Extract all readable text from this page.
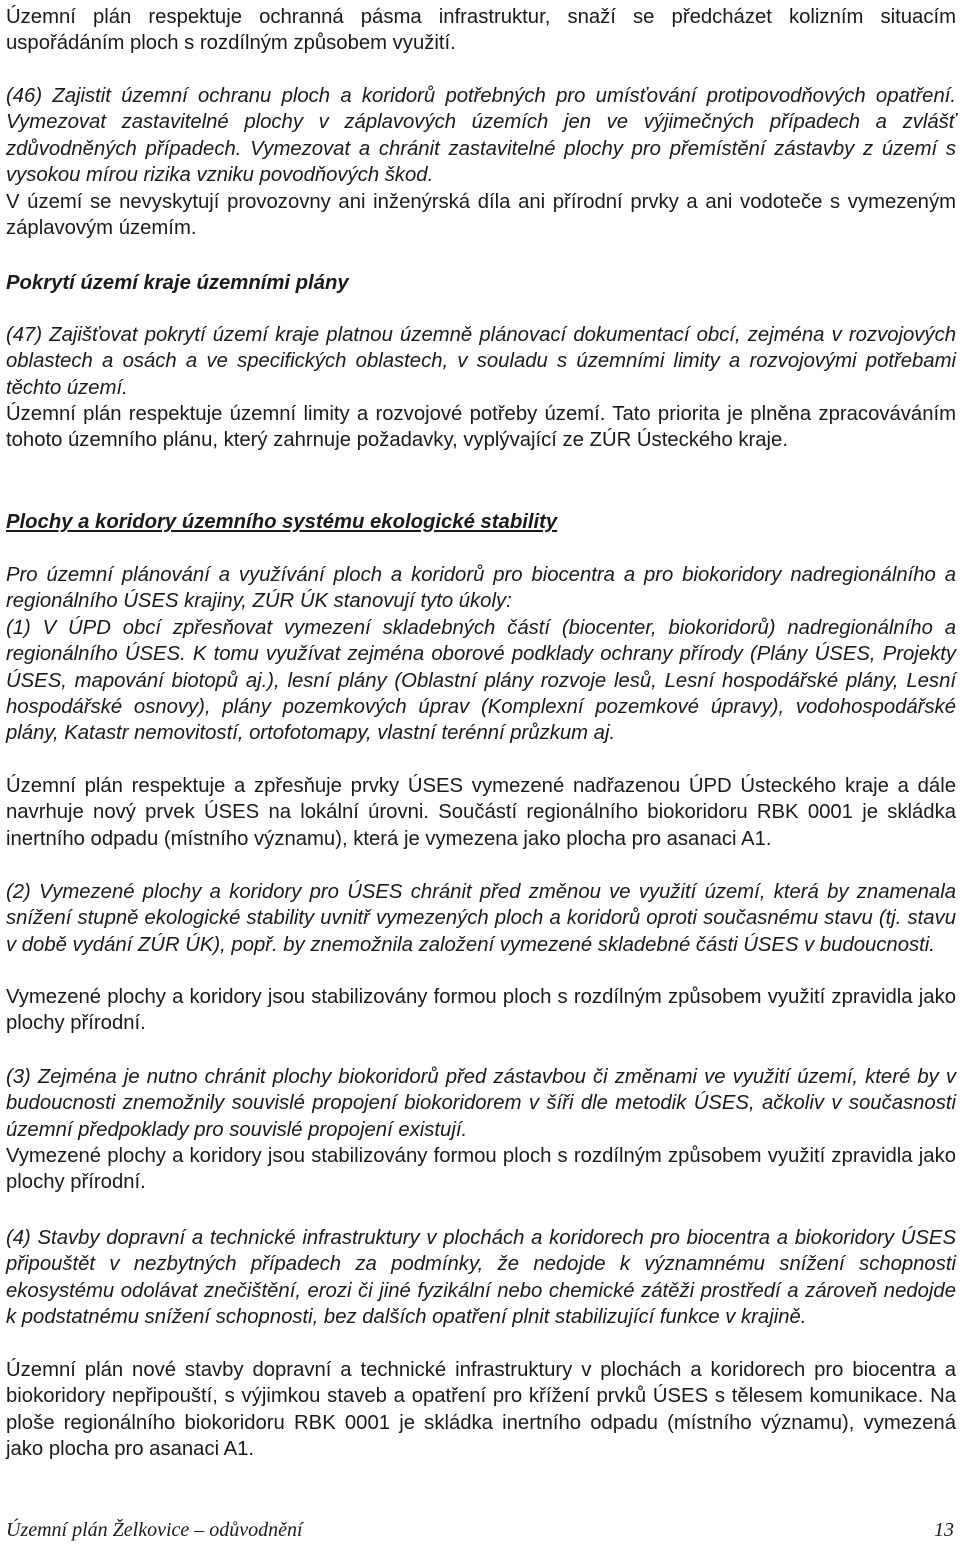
Územní plán respektuje ochranná pásma infrastruktur, snaží se předcházet kolizním situacím uspořádáním ploch s rozdílným způsobem využití.

(46) Zajistit územní ochranu ploch a koridorů potřebných pro umísťování protipovodňových opatření. Vymezovat zastavitelné plochy v záplavových územích jen ve výjimečných případech a zvlášť zdůvodněných případech. Vymezovat a chránit zastavitelné plochy pro přemístění zástavby z území s vysokou mírou rizika vzniku povodňových škod.

V území se nevyskytují provozovny ani inženýrská díla ani přírodní prvky a ani vodoteče s vymezeným záplavovým územím.

Pokrytí území kraje územními plány

(47) Zajišťovat pokrytí území kraje platnou územně plánovací dokumentací obcí, zejména v rozvojových oblastech a osách a ve specifických oblastech, v souladu s územními limity a rozvojovými potřebami těchto území.

Územní plán respektuje územní limity a rozvojové potřeby území. Tato priorita je plněna zpracováváním tohoto územního plánu, který zahrnuje požadavky, vyplývající ze ZÚR Ústeckého kraje.

Plochy a koridory územního systému ekologické stability

Pro územní plánování a využívání ploch a koridorů pro biocentra a pro biokoridory nadregionálního a regionálního ÚSES krajiny, ZÚR ÚK stanovují tyto úkoly:

(1) V ÚPD obcí zpřesňovat vymezení skladebných částí (biocenter, biokoridorů) nadregionálního a regionálního ÚSES. K tomu využívat zejména oborové podklady ochrany přírody (Plány ÚSES, Projekty ÚSES, mapování biotopů aj.), lesní plány (Oblastní plány rozvoje lesů, Lesní hospodářské plány, Lesní hospodářské osnovy), plány pozemkových úprav (Komplexní pozemkové úpravy), vodohospodářské plány, Katastr nemovitostí, ortofotomapy, vlastní terénní průzkum aj.

Územní plán respektuje a zpřesňuje prvky ÚSES vymezené nadřazenou ÚPD Ústeckého kraje a dále navrhuje nový prvek ÚSES na lokální úrovni. Součástí regionálního biokoridoru RBK 0001 je skládka inertního odpadu (místního významu), která je vymezena jako plocha pro asanaci A1.

(2) Vymezené plochy a koridory pro ÚSES chránit před změnou ve využití území, která by znamenala snížení stupně ekologické stability uvnitř vymezených ploch a koridorů oproti současnému stavu (tj. stavu v době vydání ZÚR ÚK), popř. by znemožnila založení vymezené skladebné části ÚSES v budoucnosti.

Vymezené plochy a koridory jsou stabilizovány formou ploch s rozdílným způsobem využití zpravidla jako plochy přírodní.

(3) Zejména je nutno chránit plochy biokoridorů před zástavbou či změnami ve využití území, které by v budoucnosti znemožnily souvislé propojení biokoridorem v šíři dle metodik ÚSES, ačkoliv v současnosti územní předpoklady pro souvislé propojení existují.

Vymezené plochy a koridory jsou stabilizovány formou ploch s rozdílným způsobem využití zpravidla jako plochy přírodní.

(4) Stavby dopravní a technické infrastruktury v plochách a koridorech pro biocentra a biokoridory ÚSES připouštět v nezbytných případech za podmínky, že nedojde k významnému snížení schopnosti ekosystému odolávat znečištění, erozi či jiné fyzikální nebo chemické zátěži prostředí a zároveň nedojde k podstatnému snížení schopnosti, bez dalších opatření plnit stabilizující funkce v krajině.

Územní plán nové stavby dopravní a technické infrastruktury v plochách a koridorech pro biocentra a biokoridory nepřipouští, s výjimkou staveb a opatření pro křížení prvků ÚSES s tělesem komunikace. Na ploše regionálního biokoridoru RBK 0001 je skládka inertního odpadu (místního významu), vymezená jako plocha pro asanaci A1.

Územní plán Želkovice – odůvodnění	13
